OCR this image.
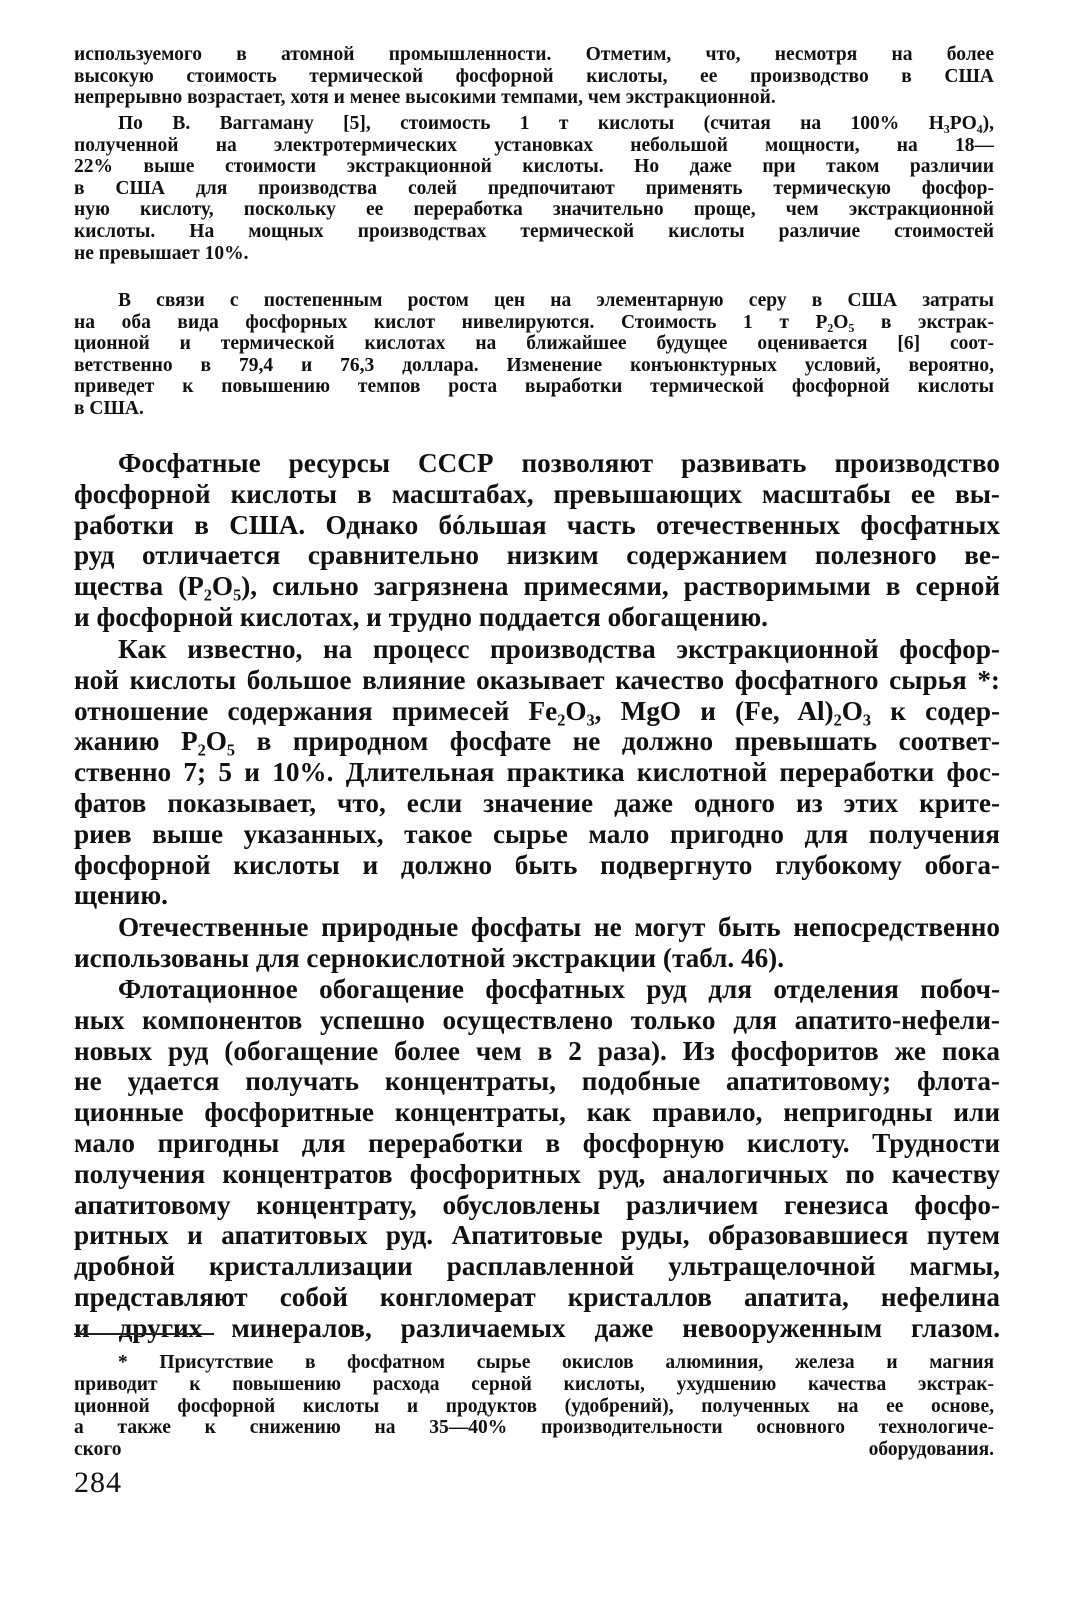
используемого в атомной промышленности. Отметим, что, несмотря на более
высокую стоимость термической фосфорной кислоты, ее производство в США
непрерывно возрастает, хотя и менее высокими темпами, чем экстракционной.

По В. Ваггаману [5], стоимость 1 т кислоты (считая на 100% H₃PO₄),
полученной на электротермических установках небольшой мощности, на 18—
22% выше стоимости экстракционной кислоты. Но даже при таком различии
в США для производства солей предпочитают применять термическую фосфор-
ную кислоту, поскольку ее переработка значительно проще, чем экстракционной
кислоты. На мощных производствах термической кислоты различие стоимостей
не превышает 10%.

В связи с постепенным ростом цен на элементарную серу в США затраты
на оба вида фосфорных кислот нивелируются. Стоимость 1 т P₂O₅ в экстрак-
ционной и термической кислотах на ближайшее будущее оценивается [6] соот-
ветственно в 79,4 и 76,3 доллара. Изменение конъюнктурных условий, вероятно,
приведет к повышению темпов роста выработки термической фосфорной кислоты
в США.

Фосфатные ресурсы СССР позволяют развивать производство
фосфорной кислоты в масштабах, превышающих масштабы ее вы-
работки в США. Однако бóльшая часть отечественных фосфатных
руд отличается сравнительно низким содержанием полезного ве-
щества (P₂O₅), сильно загрязнена примесями, растворимыми в серной
и фосфорной кислотах, и трудно поддается обогащению.

Как известно, на процесс производства экстракционной фосфор-
ной кислоты большое влияние оказывает качество фосфатного сырья *:
отношение содержания примесей Fe₂O₃, MgO и (Fe, Al)₂O₃ к содер-
жанию P₂O₅ в природном фосфате не должно превышать соответ-
ственно 7; 5 и 10%. Длительная практика кислотной переработки фос-
фатов показывает, что, если значение даже одного из этих крите-
риев выше указанных, такое сырье мало пригодно для получения
фосфорной кислоты и должно быть подвергнуто глубокому обога-
щению.

Отечественные природные фосфаты не могут быть непосредственно
использованы для сернокислотной экстракции (табл. 46).

Флотационное обогащение фосфатных руд для отделения побоч-
ных компонентов успешно осуществлено только для апатито-нефели-
новых руд (обогащение более чем в 2 раза). Из фосфоритов же пока
не удается получать концентраты, подобные апатитовому; флота-
ционные фосфоритные концентраты, как правило, непригодны или
мало пригодны для переработки в фосфорную кислоту. Трудности
получения концентратов фосфоритных руд, аналогичных по качеству
апатитовому концентрату, обусловлены различием генезиса фосфо-
ритных и апатитовых руд. Апатитовые руды, образовавшиеся путем
дробной кристаллизации расплавленной ультращелочной магмы,
представляют собой конгломерат кристаллов апатита, нефелина
и других минералов, различаемых даже невооруженным глазом.

* Присутствие в фосфатном сырье окислов алюминия, железа и магния
приводит к повышению расхода серной кислоты, ухудшению качества экстрак-
ционной фосфорной кислоты и продуктов (удобрений), полученных на ее основе,
а также к снижению на 35—40% производительности основного технологиче-
ского оборудования.

284
